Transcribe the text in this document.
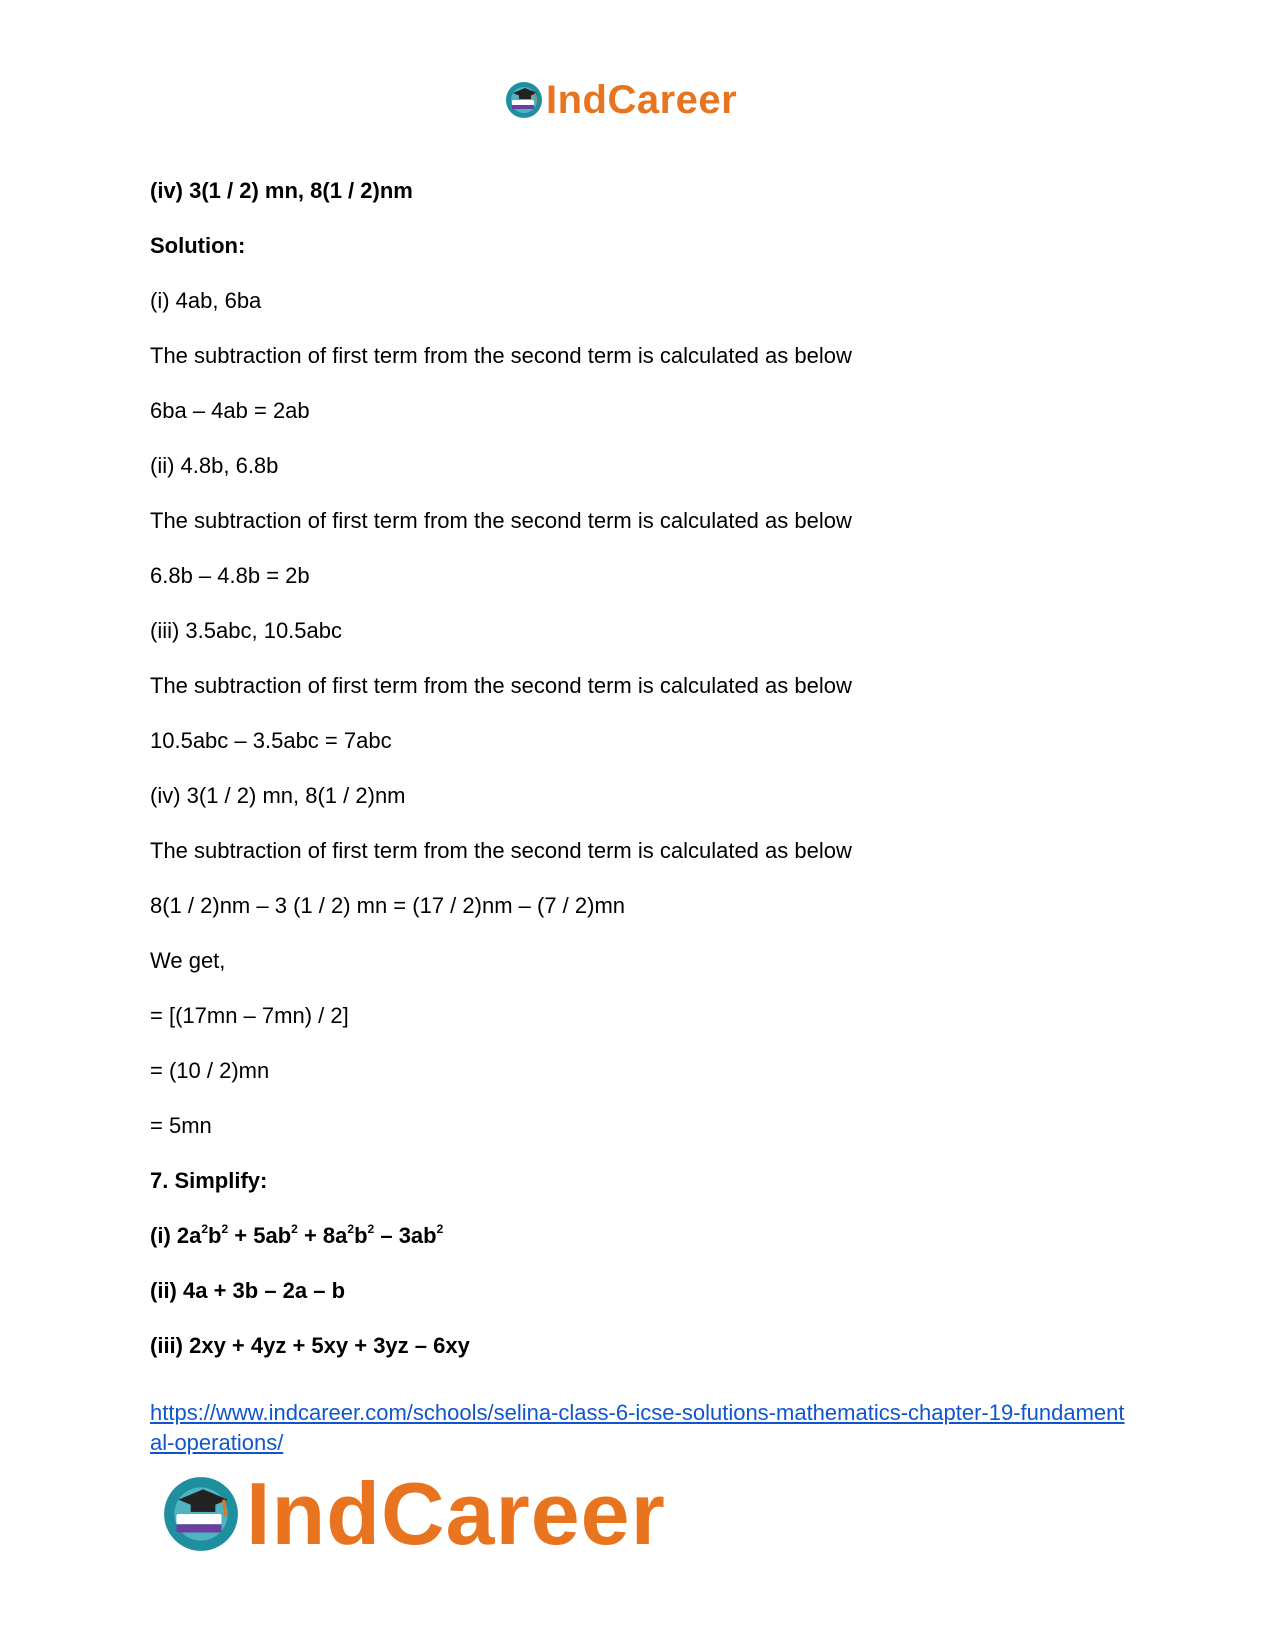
IndCareer
(iv) 3(1 / 2) mn, 8(1 / 2)nm
Solution:
(i) 4ab, 6ba
The subtraction of first term from the second term is calculated as below
6ba – 4ab = 2ab
(ii) 4.8b, 6.8b
The subtraction of first term from the second term is calculated as below
6.8b – 4.8b = 2b
(iii) 3.5abc, 10.5abc
The subtraction of first term from the second term is calculated as below
10.5abc – 3.5abc = 7abc
(iv) 3(1 / 2) mn, 8(1 / 2)nm
The subtraction of first term from the second term is calculated as below
8(1 / 2)nm – 3 (1 / 2) mn = (17 / 2)nm – (7 / 2)mn
We get,
= [(17mn – 7mn) / 2]
= (10 / 2)mn
= 5mn
7. Simplify:
(i) $2a^2b^2 + 5ab^2 + 8a^2b^2 - 3ab^2$
(ii) 4a + 3b – 2a – b
(iii) 2xy + 4yz + 5xy + 3yz – 6xy
https://www.indcareer.com/schools/selina-class-6-icse-solutions-mathematics-chapter-19-fundamental-operations/
IndCareer
